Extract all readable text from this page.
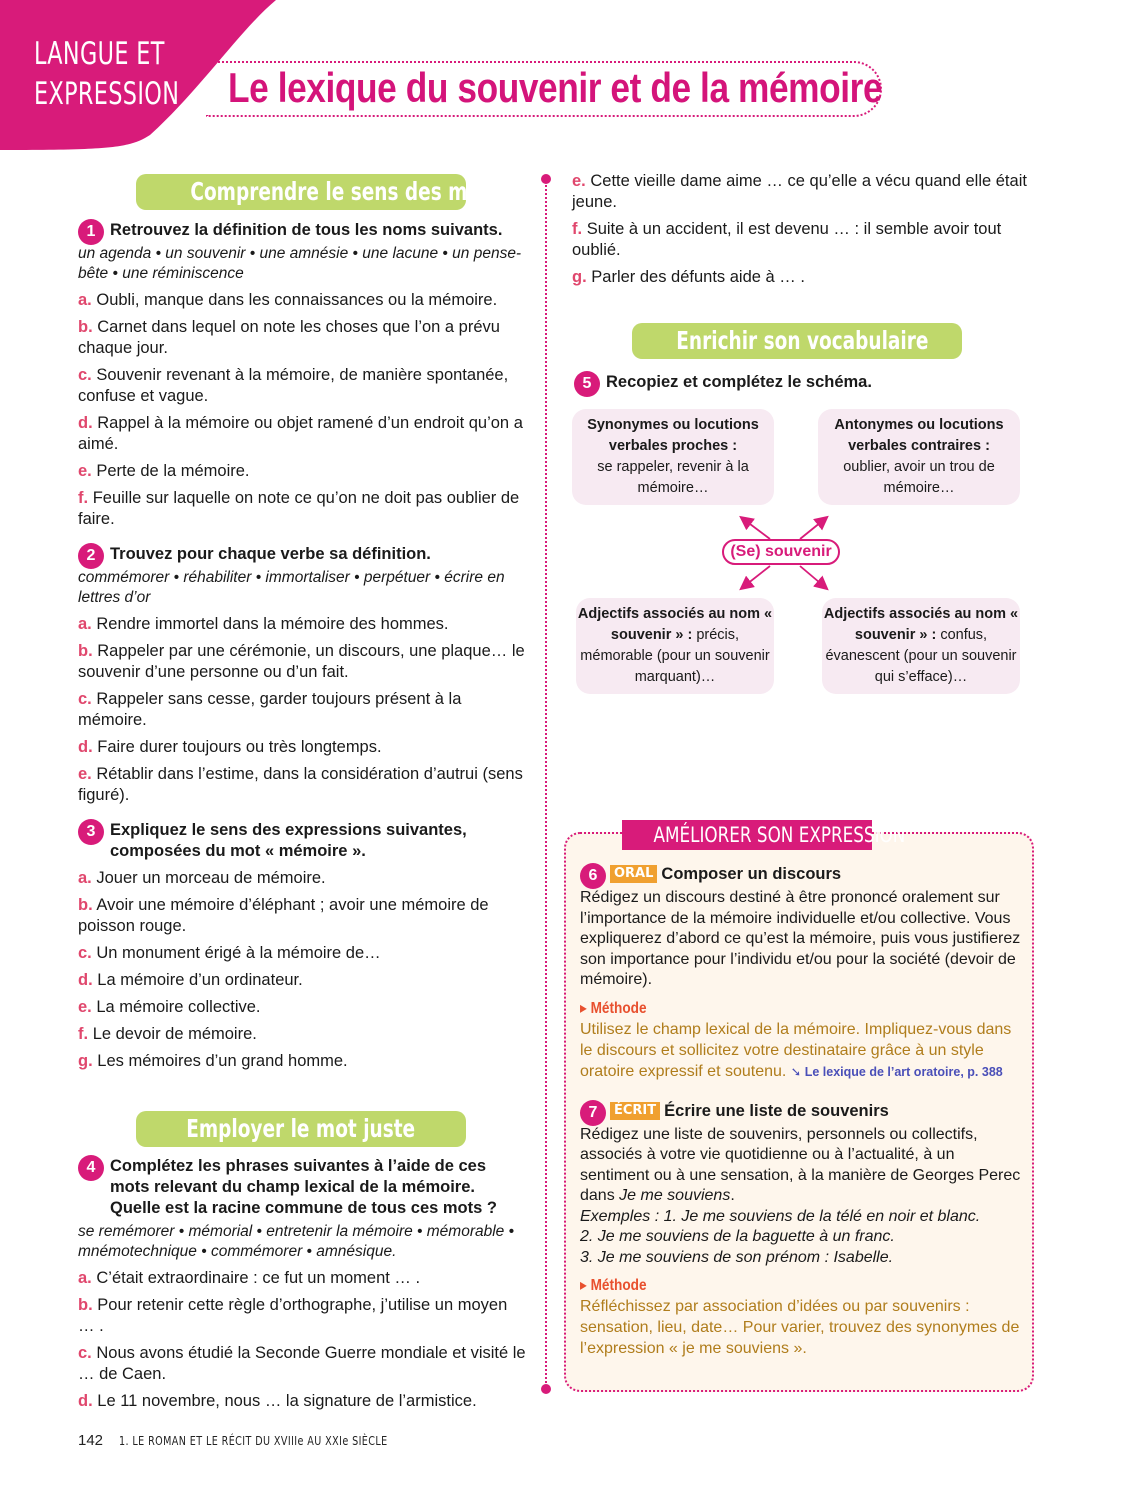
LANGUE ET
EXPRESSION Le lexique du souvenir et de la mémoire
Comprendre le sens des mots
Employer le mot juste
Enrichir son vocabulaire
1 Retrouvez la définition de tous les noms suivants.
un agenda • un souvenir • une amnésie • une lacune • un pense-bête • une réminiscence
a. Oubli, manque dans les connaissances ou la mémoire.
b. Carnet dans lequel on note les choses que l’on a prévu chaque jour.
c. Souvenir revenant à la mémoire, de manière spontanée, confuse et vague.
d. Rappel à la mémoire ou objet ramené d’un endroit qu’on a aimé.
e. Perte de la mémoire.
f. Feuille sur laquelle on note ce qu’on ne doit pas oublier de faire.
2 Trouvez pour chaque verbe sa définition.
commémorer • réhabiliter • immortaliser • perpétuer • écrire en lettres d’or
a. Rendre immortel dans la mémoire des hommes.
b. Rappeler par une cérémonie, un discours, une plaque… le souvenir d’une personne ou d’un fait.
c. Rappeler sans cesse, garder toujours présent à la mémoire.
d. Faire durer toujours ou très longtemps.
e. Rétablir dans l’estime, dans la considération d’autrui (sens figuré).
3 Expliquez le sens des expressions suivantes, composées du mot « mémoire ».
a. Jouer un morceau de mémoire.
b. Avoir une mémoire d’éléphant ; avoir une mémoire de poisson rouge.
c. Un monument érigé à la mémoire de…
d. La mémoire d’un ordinateur.
e. La mémoire collective.
f. Le devoir de mémoire.
g. Les mémoires d’un grand homme.
4 Complétez les phrases suivantes à l’aide de ces mots relevant du champ lexical de la mémoire. Quelle est la racine commune de tous ces mots ?
se remémorer • mémorial • entretenir la mémoire • mémorable • mnémotechnique • commémorer • amnésique.
a. C’était extraordinaire : ce fut un moment … .
b. Pour retenir cette règle d’orthographe, j’utilise un moyen … .
c. Nous avons étudié la Seconde Guerre mondiale et visité le … de Caen.
d. Le 11 novembre, nous … la signature de l’armistice.
e. Cette vieille dame aime … ce qu’elle a vécu quand elle était jeune.
f. Suite à un accident, il est devenu … : il semble avoir tout oublié.
g. Parler des défunts aide à … .
5 Recopiez et complétez le schéma.
Synonymes ou locutions verbales proches :
se rappeler, revenir à la mémoire…
Antonymes ou locutions verbales contraires :
oublier, avoir un trou de mémoire…
Adjectifs associés au nom « souvenir » : précis, mémorable (pour un souvenir marquant)…
Adjectifs associés au nom « souvenir » : confus, évanescent (pour un souvenir qui s’efface)…
(Se) souvenir
AMÉLIORER SON EXPRESSION
6	ORAL Composer un discours
Rédigez un discours destiné à être prononcé oralement sur l’importance de la mémoire individuelle et/ou collective. Vous expliquerez d’abord ce qu’est la mémoire, puis vous justifierez son importance pour l’individu et/ou pour la société (devoir de mémoire).
▸ Méthode
Utilisez le champ lexical de la mémoire. Impliquez-vous dans le discours et sollicitez votre destinataire grâce à un style oratoire expressif et soutenu. ➘ Le lexique de l’art oratoire, p. 388
7	ÉCRIT Écrire une liste de souvenirs
Rédigez une liste de souvenirs, personnels ou collectifs, associés à votre vie quotidienne ou à l’actualité, à un sentiment ou à une sensation, à la manière de Georges Perec dans Je me souviens.
Exemples : 1. Je me souviens de la télé en noir et blanc.
2. Je me souviens de la baguette à un franc.
3. Je me souviens de son prénom : Isabelle.
▸ Méthode
Réfléchissez par association d’idées ou par souvenirs : sensation, lieu, date… Pour varier, trouvez des synonymes de l’expression « je me souviens ».
142 1. LE ROMAN ET LE RÉCIT DU XVIIIe AU XXIe SIÈCLE
